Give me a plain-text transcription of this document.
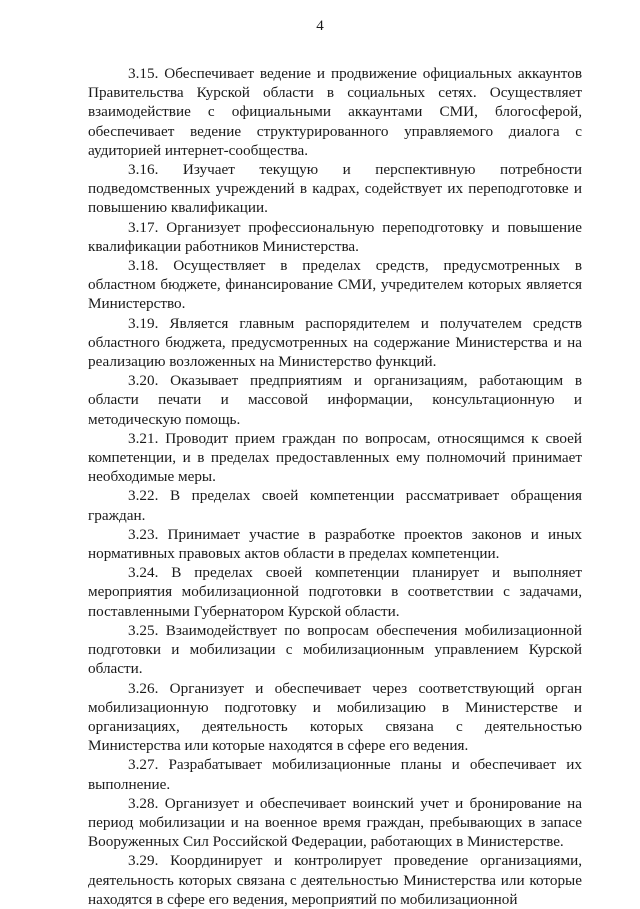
4

3.15. Обеспечивает ведение и продвижение официальных аккаунтов Правительства Курской области в социальных сетях. Осуществляет взаимодействие с официальными аккаунтами СМИ, блогосферой, обеспечивает ведение структурированного управляемого диалога с аудиторией интернет-сообщества.

3.16. Изучает текущую и перспективную потребности подведомственных учреждений в кадрах, содействует их переподготовке и повышению квалификации.

3.17. Организует профессиональную переподготовку и повышение квалификации работников Министерства.

3.18. Осуществляет в пределах средств, предусмотренных в областном бюджете, финансирование СМИ, учредителем которых является Министерство.

3.19. Является главным распорядителем и получателем средств областного бюджета, предусмотренных на содержание Министерства и на реализацию возложенных на Министерство функций.

3.20. Оказывает предприятиям и организациям, работающим в области печати и массовой информации, консультационную и методическую помощь.

3.21. Проводит прием граждан по вопросам, относящимся к своей компетенции, и в пределах предоставленных ему полномочий принимает необходимые меры.

3.22. В пределах своей компетенции рассматривает обращения граждан.

3.23. Принимает участие в разработке проектов законов и иных нормативных правовых актов области в пределах компетенции.

3.24. В пределах своей компетенции планирует и выполняет мероприятия мобилизационной подготовки в соответствии с задачами, поставленными Губернатором Курской области.

3.25. Взаимодействует по вопросам обеспечения мобилизационной подготовки и мобилизации с мобилизационным управлением Курской области.

3.26. Организует и обеспечивает через соответствующий орган мобилизационную подготовку и мобилизацию в Министерстве и организациях, деятельность которых связана с деятельностью Министерства или которые находятся в сфере его ведения.

3.27. Разрабатывает мобилизационные планы и обеспечивает их выполнение.

3.28. Организует и обеспечивает воинский учет и бронирование на период мобилизации и на военное время граждан, пребывающих в запасе Вооруженных Сил Российской Федерации, работающих в Министерстве.

3.29. Координирует и контролирует проведение организациями, деятельность которых связана с деятельностью Министерства или которые находятся в сфере его ведения, мероприятий по мобилизационной
